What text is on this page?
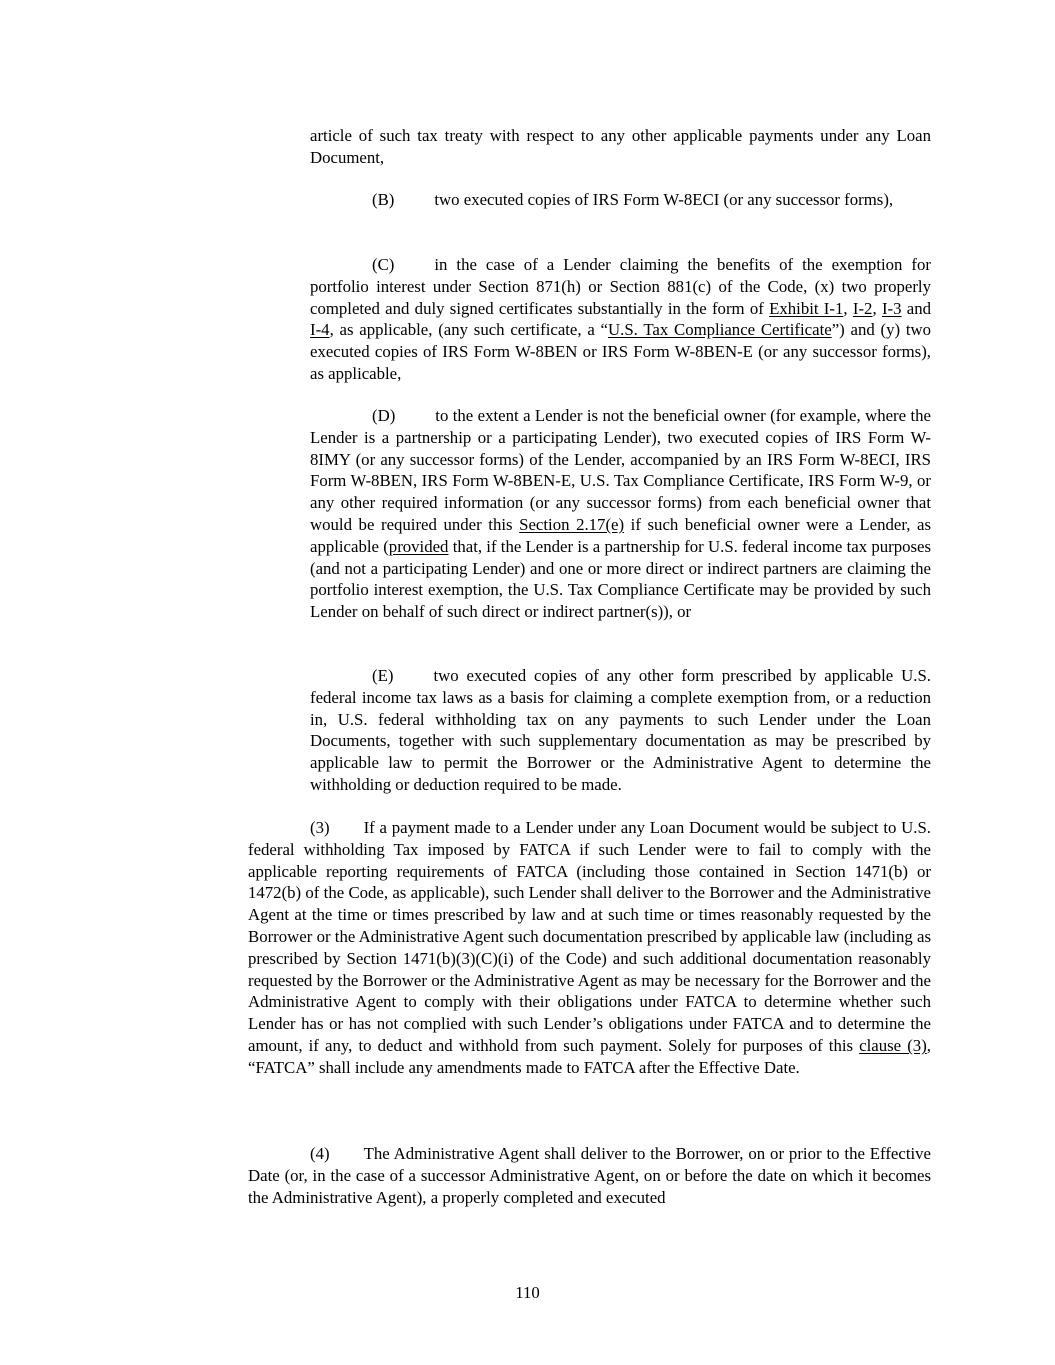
article of such tax treaty with respect to any other applicable payments under any Loan Document,

(B) two executed copies of IRS Form W-8ECI (or any successor forms),

(C) in the case of a Lender claiming the benefits of the exemption for portfolio interest under Section 871(h) or Section 881(c) of the Code, (x) two properly completed and duly signed certificates substantially in the form of Exhibit I-1, I-2, I-3 and I-4, as applicable, (any such certificate, a “U.S. Tax Compliance Certificate”) and (y) two executed copies of IRS Form W-8BEN or IRS Form W-8BEN-E (or any successor forms), as applicable,

(D) to the extent a Lender is not the beneficial owner (for example, where the Lender is a partnership or a participating Lender), two executed copies of IRS Form W-8IMY (or any successor forms) of the Lender, accompanied by an IRS Form W-8ECI, IRS Form W-8BEN, IRS Form W-8BEN-E, U.S. Tax Compliance Certificate, IRS Form W-9, or any other required information (or any successor forms) from each beneficial owner that would be required under this Section 2.17(e) if such beneficial owner were a Lender, as applicable (provided that, if the Lender is a partnership for U.S. federal income tax purposes (and not a participating Lender) and one or more direct or indirect partners are claiming the portfolio interest exemption, the U.S. Tax Compliance Certificate may be provided by such Lender on behalf of such direct or indirect partner(s)), or

(E) two executed copies of any other form prescribed by applicable U.S. federal income tax laws as a basis for claiming a complete exemption from, or a reduction in, U.S. federal withholding tax on any payments to such Lender under the Loan Documents, together with such supplementary documentation as may be prescribed by applicable law to permit the Borrower or the Administrative Agent to determine the withholding or deduction required to be made.

(3) If a payment made to a Lender under any Loan Document would be subject to U.S. federal withholding Tax imposed by FATCA if such Lender were to fail to comply with the applicable reporting requirements of FATCA (including those contained in Section 1471(b) or 1472(b) of the Code, as applicable), such Lender shall deliver to the Borrower and the Administrative Agent at the time or times prescribed by law and at such time or times reasonably requested by the Borrower or the Administrative Agent such documentation prescribed by applicable law (including as prescribed by Section 1471(b)(3)(C)(i) of the Code) and such additional documentation reasonably requested by the Borrower or the Administrative Agent as may be necessary for the Borrower and the Administrative Agent to comply with their obligations under FATCA to determine whether such Lender has or has not complied with such Lender’s obligations under FATCA and to determine the amount, if any, to deduct and withhold from such payment. Solely for purposes of this clause (3), “FATCA” shall include any amendments made to FATCA after the Effective Date.

(4) The Administrative Agent shall deliver to the Borrower, on or prior to the Effective Date (or, in the case of a successor Administrative Agent, on or before the date on which it becomes the Administrative Agent), a properly completed and executed

110
